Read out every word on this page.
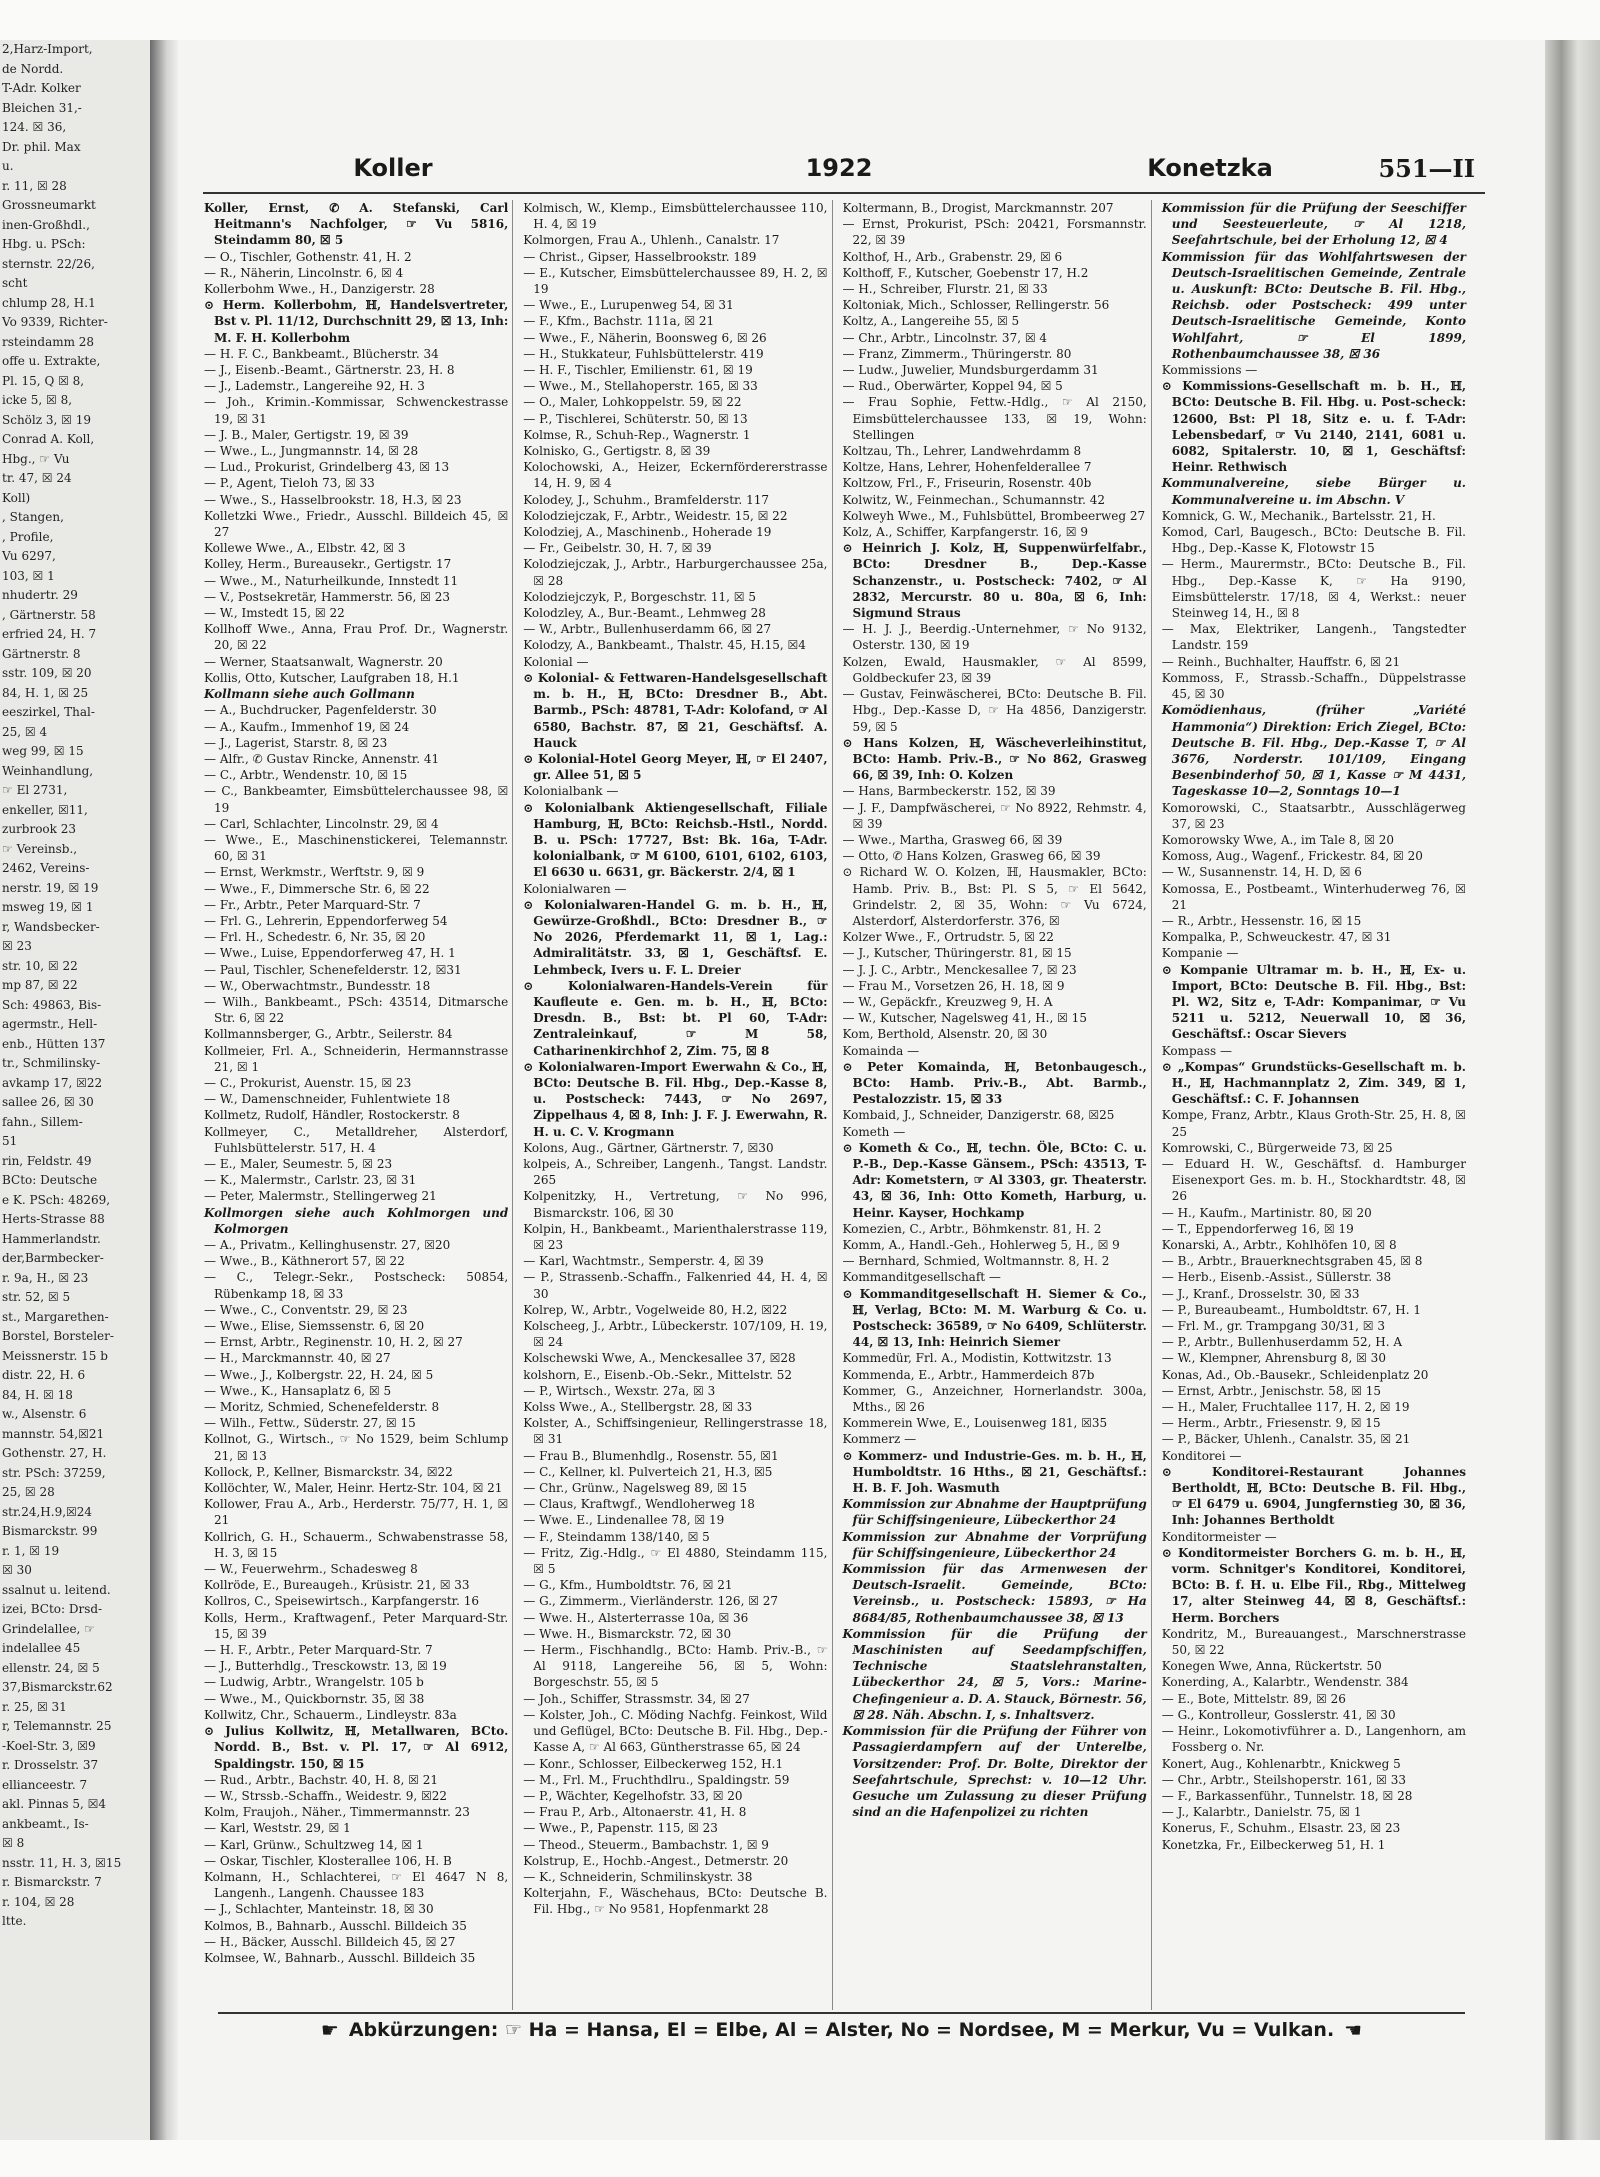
2,Harz-Import,
de Nordd.
T-Adr. Kolker
Bleichen 31,-
124. ☒ 36,
Dr. phil. Max
u.
r. 11, ☒ 28
Grossneumarkt
inen-Großhdl.,
Hbg. u. PSch:
sternstr. 22/26,
scht
chlump 28, H.1
Vo 9339, Richter-
rsteindamm 28
offe u. Extrakte,
Pl. 15, Q ☒ 8,
icke 5, ☒ 8,
Schölz 3, ☒ 19
Conrad A. Koll,
Hbg., ☞ Vu
tr. 47, ☒ 24
Koll)
, Stangen,
, Profile,
Vu 6297,
103, ☒ 1
nhudertr. 29
, Gärtnerstr. 58
erfried 24, H. 7
Gärtnerstr. 8
sstr. 109, ☒ 20
84, H. 1, ☒ 25
eeszirkel, Thal-
25, ☒ 4
weg 99, ☒ 15
Weinhandlung,
☞ El 2731,
enkeller, ☒11,
zurbrook 23
☞ Vereinsb.,
2462, Vereins-
nerstr. 19, ☒ 19
msweg 19, ☒ 1
r, Wandsbecker-
☒ 23
str. 10, ☒ 22
mp 87, ☒ 22
Sch: 49863, Bis-
agermstr., Hell-
enb., Hütten 137
tr., Schmilinsky-
avkamp 17, ☒22
sallee 26, ☒ 30
fahn., Sillem-
51
rin, Feldstr. 49
BCto: Deutsche
e K. PSch: 48269,
Herts-Strasse 88
Hammerlandstr.
der,Barmbecker-
r. 9a, H., ☒ 23
str. 52, ☒ 5
st., Margarethen-
Borstel, Borsteler-
Meissnerstr. 15 b
distr. 22, H. 6
84, H. ☒ 18
w., Alsenstr. 6
mannstr. 54,☒21
Gothenstr. 27, H.
str. PSch: 37259,
25, ☒ 28
str.24,H.9,☒24
Bismarckstr. 99
r. 1, ☒ 19
☒ 30
ssalnut u. leitend.
izei, BCto: Drsd-
Grindelallee, ☞
indelallee 45
ellenstr. 24, ☒ 5
37,Bismarckstr.62
r. 25, ☒ 31
r, Telemannstr. 25
-Koel-Str. 3, ☒9
r. Drosselstr. 37
ellianceestr. 7
akl. Pinnas 5, ☒4
ankbeamt., Is-
☒ 8
nsstr. 11, H. 3, ☒15
r. Bismarckstr. 7
r. 104, ☒ 28
ltte.
Koller	1922	Konetzka	551—II

Koller, Ernst, ✆ A. Stefanski, Carl Heitmann's Nachfolger, ☞ Vu 5816, Steindamm 80, ☒ 5

— O., Tischler, Gothenstr. 41, H. 2

— R., Näherin, Lincolnstr. 6, ☒ 4

Kollerbohm Wwe., H., Danzigerstr. 28

⊙ Herm. Kollerbohm, ℍ, Handelsvertreter, Bst v. Pl. 11/12, Durchschnitt 29, ☒ 13, Inh: M. F. H. Kollerbohm

— H. F. C., Bankbeamt., Blücherstr. 34

— J., Eisenb.-Beamt., Gärtnerstr. 23, H. 8

— J., Lademstr., Langereihe 92, H. 3

— Joh., Krimin.-Kommissar, Schwenckestrasse 19, ☒ 31

— J. B., Maler, Gertigstr. 19, ☒ 39

— Wwe., L., Jungmannstr. 14, ☒ 28

— Lud., Prokurist, Grindelberg 43, ☒ 13

— P., Agent, Tieloh 73, ☒ 33

— Wwe., S., Hasselbrookstr. 18, H.3, ☒ 23

Kolletzki Wwe., Friedr., Ausschl. Billdeich 45, ☒ 27

Kollewe Wwe., A., Elbstr. 42, ☒ 3

Kolley, Herm., Bureausekr., Gertigstr. 17

— Wwe., M., Naturheilkunde, Innstedt 11

— V., Postsekretär, Hammerstr. 56, ☒ 23

— W., Imstedt 15, ☒ 22

Kollhoff Wwe., Anna, Frau Prof. Dr., Wagnerstr. 20, ☒ 22

— Werner, Staatsanwalt, Wagnerstr. 20

Kollis, Otto, Kutscher, Laufgraben 18, H.1

Kollmann siehe auch Gollmann

— A., Buchdrucker, Pagenfelderstr. 30

— A., Kaufm., Immenhof 19, ☒ 24

— J., Lagerist, Starstr. 8, ☒ 23

— Alfr., ✆ Gustav Rincke, Annenstr. 41

— C., Arbtr., Wendenstr. 10, ☒ 15

— C., Bankbeamter, Eimsbüttelerchaussee 98, ☒ 19

— Carl, Schlachter, Lincolnstr. 29, ☒ 4

— Wwe., E., Maschinenstickerei, Telemannstr. 60, ☒ 31

— Ernst, Werkmstr., Werftstr. 9, ☒ 9

— Wwe., F., Dimmersche Str. 6, ☒ 22

— Fr., Arbtr., Peter Marquard-Str. 7

— Frl. G., Lehrerin, Eppendorferweg 54

— Frl. H., Schedestr. 6, Nr. 35, ☒ 20

— Wwe., Luise, Eppendorferweg 47, H. 1

— Paul, Tischler, Schenefelderstr. 12, ☒31

— W., Oberwachtmstr., Bundesstr. 18

— Wilh., Bankbeamt., PSch: 43514, Ditmarsche Str. 6, ☒ 22

Kollmannsberger, G., Arbtr., Seilerstr. 84

Kollmeier, Frl. A., Schneiderin, Hermannstrasse 21, ☒ 1

— C., Prokurist, Auenstr. 15, ☒ 23

— W., Damenschneider, Fuhlentwiete 18

Kollmetz, Rudolf, Händler, Rostockerstr. 8

Kollmeyer, C., Metalldreher, Alsterdorf, Fuhlsbüttelerstr. 517, H. 4

— E., Maler, Seumestr. 5, ☒ 23

— K., Malermstr., Carlstr. 23, ☒ 31

— Peter, Malermstr., Stellingerweg 21

Kollmorgen siehe auch Kohlmorgen und Kolmorgen

— A., Privatm., Kellinghusenstr. 27, ☒20

— Wwe., B., Käthnerort 57, ☒ 22

— C., Telegr.-Sekr., Postscheck: 50854, Rübenkamp 18, ☒ 33

— Wwe., C., Conventstr. 29, ☒ 23

— Wwe., Elise, Siemssenstr. 6, ☒ 20

— Ernst, Arbtr., Reginenstr. 10, H. 2, ☒ 27

— H., Marckmannstr. 40, ☒ 27

— Wwe., J., Kolbergstr. 22, H. 24, ☒ 5

— Wwe., K., Hansaplatz 6, ☒ 5

— Moritz, Schmied, Schenefelderstr. 8

— Wilh., Fettw., Süderstr. 27, ☒ 15

Kollnot, G., Wirtsch., ☞ No 1529, beim Schlump 21, ☒ 13

Kollock, P., Kellner, Bismarckstr. 34, ☒22

Kollöchter, W., Maler, Heinr. Hertz-Str. 104, ☒ 21

Kollower, Frau A., Arb., Herderstr. 75/77, H. 1, ☒ 21

Kollrich, G. H., Schauerm., Schwabenstrasse 58, H. 3, ☒ 15

— W., Feuerwehrm., Schadesweg 8

Kollröde, E., Bureaugeh., Krüsistr. 21, ☒ 33

Kollros, C., Speisewirtsch., Karpfangerstr. 16

Kolls, Herm., Kraftwagenf., Peter Marquard-Str. 15, ☒ 39

— H. F., Arbtr., Peter Marquard-Str. 7

— J., Butterhdlg., Tresckowstr. 13, ☒ 19

— Ludwig, Arbtr., Wrangelstr. 105 b

— Wwe., M., Quickbornstr. 35, ☒ 38

Kollwitz, Chr., Schauerm., Lindleystr. 83a

⊙ Julius Kollwitz, ℍ, Metallwaren, BCto. Nordd. B., Bst. v. Pl. 17, ☞ Al 6912, Spaldingstr. 150, ☒ 15

— Rud., Arbtr., Bachstr. 40, H. 8, ☒ 21

— W., Strssb.-Schaffn., Weidestr. 9, ☒22

Kolm, Fraujoh., Näher., Timmermannstr. 23

— Karl, Weststr. 29, ☒ 1

— Karl, Grünw., Schultzweg 14, ☒ 1

— Oskar, Tischler, Klosterallee 106, H. B

Kolmann, H., Schlachterei, ☞ El 4647 N 8, Langenh., Langenh. Chaussee 183

— J., Schlachter, Manteinstr. 18, ☒ 30

Kolmos, B., Bahnarb., Ausschl. Billdeich 35

— H., Bäcker, Ausschl. Billdeich 45, ☒ 27

Kolmsee, W., Bahnarb., Ausschl. Billdeich 35

Kolmisch, W., Klemp., Eimsbüttelerchaussee 110, H. 4, ☒ 19

Kolmorgen, Frau A., Uhlenh., Canalstr. 17

— Christ., Gipser, Hasselbrookstr. 189

— E., Kutscher, Eimsbüttelerchaussee 89, H. 2, ☒ 19

— Wwe., E., Lurupenweg 54, ☒ 31

— F., Kfm., Bachstr. 111a, ☒ 21

— Wwe., F., Näherin, Boonsweg 6, ☒ 26

— H., Stukkateur, Fuhlsbüttelerstr. 419

— H. F., Tischler, Emilienstr. 61, ☒ 19

— Wwe., M., Stellahoperstr. 165, ☒ 33

— O., Maler, Lohkoppelstr. 59, ☒ 22

— P., Tischlerei, Schüterstr. 50, ☒ 13

Kolmse, R., Schuh-Rep., Wagnerstr. 1

Kolnisko, G., Gertigstr. 8, ☒ 39

Kolochowski, A., Heizer, Eckernfördererstrasse 14, H. 9, ☒ 4

Kolodey, J., Schuhm., Bramfelderstr. 117

Kolodziejczak, F., Arbtr., Weidestr. 15, ☒ 22

Kolodziej, A., Maschinenb., Hoherade 19

— Fr., Geibelstr. 30, H. 7, ☒ 39

Kolodziejczak, J., Arbtr., Harburgerchaussee 25a, ☒ 28

Kolodziejczyk, P., Borgeschstr. 11, ☒ 5

Kolodzley, A., Bur.-Beamt., Lehmweg 28

— W., Arbtr., Bullenhuserdamm 66, ☒ 27

Kolodzy, A., Bankbeamt., Thalstr. 45, H.15, ☒4

Kolonial —

⊙ Kolonial- & Fettwaren-Handelsgesellschaft m. b. H., ℍ, BCto: Dresdner B., Abt. Barmb., PSch: 48781, T-Adr: Kolofand, ☞ Al 6580, Bachstr. 87, ☒ 21, Geschäftsf. A. Hauck

⊙ Kolonial-Hotel Georg Meyer, ℍ, ☞ El 2407, gr. Allee 51, ☒ 5

Kolonialbank —

⊙ Kolonialbank Aktiengesellschaft, Filiale Hamburg, ℍ, BCto: Reichsb.-Hstl., Nordd. B. u. PSch: 17727, Bst: Bk. 16a, T-Adr. kolonialbank, ☞ M 6100, 6101, 6102, 6103, El 6630 u. 6631, gr. Bäckerstr. 2/4, ☒ 1

Kolonialwaren —

⊙ Kolonialwaren-Handel G. m. b. H., ℍ, Gewürze-Großhdl., BCto: Dresdner B., ☞ No 2026, Pferdemarkt 11, ☒ 1, Lag.: Admiralitätstr. 33, ☒ 1, Geschäftsf. E. Lehmbeck, Ivers u. F. L. Dreier

⊙ Kolonialwaren-Handels-Verein für Kaufleute e. Gen. m. b. H., ℍ, BCto: Dresdn. B., Bst: bt. Pl 60, T-Adr: Zentraleinkauf, ☞ M 58, Catharinenkirchhof 2, Zim. 75, ☒ 8

⊙ Kolonialwaren-Import Ewerwahn & Co., ℍ, BCto: Deutsche B. Fil. Hbg., Dep.-Kasse 8, u. Postscheck: 7443, ☞ No 2697, Zippelhaus 4, ☒ 8, Inh: J. F. J. Ewerwahn, R. H. u. C. V. Krogmann

Kolons, Aug., Gärtner, Gärtnerstr. 7, ☒30

kolpeis, A., Schreiber, Langenh., Tangst. Landstr. 265

Kolpenitzky, H., Vertretung, ☞ No 996, Bismarckstr. 106, ☒ 30

Kolpin, H., Bankbeamt., Marienthalerstrasse 119, ☒ 23

— Karl, Wachtmstr., Semperstr. 4, ☒ 39

— P., Strassenb.-Schaffn., Falkenried 44, H. 4, ☒ 30

Kolrep, W., Arbtr., Vogelweide 80, H.2, ☒22

Kolscheeg, J., Arbtr., Lübeckerstr. 107/109, H. 19, ☒ 24

Kolschewski Wwe, A., Menckesallee 37, ☒28

kolshorn, E., Eisenb.-Ob.-Sekr., Mittelstr. 52

— P., Wirtsch., Wexstr. 27a, ☒ 3

Kolss Wwe., A., Stellbergstr. 28, ☒ 33

Kolster, A., Schiffsingenieur, Rellingerstrasse 18, ☒ 31

— Frau B., Blumenhdlg., Rosenstr. 55, ☒1

— C., Kellner, kl. Pulverteich 21, H.3, ☒5

— Chr., Grünw., Nagelsweg 89, ☒ 15

— Claus, Kraftwgf., Wendloherweg 18

— Wwe. E., Lindenallee 78, ☒ 19

— F., Steindamm 138/140, ☒ 5

— Fritz, Zig.-Hdlg., ☞ El 4880, Steindamm 115, ☒ 5

— G., Kfm., Humboldtstr. 76, ☒ 21

— G., Zimmerm., Vierländerstr. 126, ☒ 27

— Wwe. H., Alsterterrasse 10a, ☒ 36

— Wwe. H., Bismarckstr. 72, ☒ 30

— Herm., Fischhandlg., BCto: Hamb. Priv.-B., ☞ Al 9118, Langereihe 56, ☒ 5, Wohn: Borgeschstr. 55, ☒ 5

— Joh., Schiffer, Strassmstr. 34, ☒ 27

— Kolster, Joh., C. Möding Nachfg. Feinkost, Wild und Geflügel, BCto: Deutsche B. Fil. Hbg., Dep.-Kasse A, ☞ Al 663, Güntherstrasse 65, ☒ 24

— Konr., Schlosser, Eilbeckerweg 152, H.1

— M., Frl. M., Fruchthdlru., Spaldingstr. 59

— P., Wächter, Kegelhofstr. 33, ☒ 20

— Frau P., Arb., Altonaerstr. 41, H. 8

— Wwe., P., Papenstr. 115, ☒ 23

— Theod., Steuerm., Bambachstr. 1, ☒ 9

Kolstrup, E., Hochb.-Angest., Detmerstr. 20

— K., Schneiderin, Schmilinskystr. 38

Kolterjahn, F., Wäschehaus, BCto: Deutsche B. Fil. Hbg., ☞ No 9581, Hopfenmarkt 28

Koltermann, B., Drogist, Marckmannstr. 207

— Ernst, Prokurist, PSch: 20421, Forsmannstr. 22, ☒ 39

Kolthof, H., Arb., Grabenstr. 29, ☒ 6

Kolthoff, F., Kutscher, Goebenstr 17, H.2

— H., Schreiber, Flurstr. 21, ☒ 33

Koltoniak, Mich., Schlosser, Rellingerstr. 56

Koltz, A., Langereihe 55, ☒ 5

— Chr., Arbtr., Lincolnstr. 37, ☒ 4

— Franz, Zimmerm., Thüringerstr. 80

— Ludw., Juwelier, Mundsburgerdamm 31

— Rud., Oberwärter, Koppel 94, ☒ 5

— Frau Sophie, Fettw.-Hdlg., ☞ Al 2150, Eimsbüttelerchaussee 133, ☒ 19, Wohn: Stellingen

Koltzau, Th., Lehrer, Landwehrdamm 8

Koltze, Hans, Lehrer, Hohenfelderallee 7

Koltzow, Frl., F., Friseurin, Rosenstr. 40b

Kolwitz, W., Feinmechan., Schumannstr. 42

Kolweyh Wwe., M., Fuhlsbüttel, Brombeerweg 27

Kolz, A., Schiffer, Karpfangerstr. 16, ☒ 9

⊙ Heinrich J. Kolz, ℍ, Suppenwürfelfabr., BCto: Dresdner B., Dep.-Kasse Schanzenstr., u. Postscheck: 7402, ☞ Al 2832, Mercurstr. 80 u. 80a, ☒ 6, Inh: Sigmund Straus

— H. J. J., Beerdig.-Unternehmer, ☞ No 9132, Osterstr. 130, ☒ 19

Kolzen, Ewald, Hausmakler, ☞ Al 8599, Goldbeckufer 23, ☒ 39

— Gustav, Feinwäscherei, BCto: Deutsche B. Fil. Hbg., Dep.-Kasse D, ☞ Ha 4856, Danzigerstr. 59, ☒ 5

⊙ Hans Kolzen, ℍ, Wäscheverleihinstitut, BCto: Hamb. Priv.-B., ☞ No 862, Grasweg 66, ☒ 39, Inh: O. Kolzen

— Hans, Barmbeckerstr. 152, ☒ 39

— J. F., Dampfwäscherei, ☞ No 8922, Rehmstr. 4, ☒ 39

— Wwe., Martha, Grasweg 66, ☒ 39

— Otto, ✆ Hans Kolzen, Grasweg 66, ☒ 39

⊙ Richard W. O. Kolzen, ℍ, Hausmakler, BCto: Hamb. Priv. B., Bst: Pl. S 5, ☞ El 5642, Grindelstr. 2, ☒ 35, Wohn: ☞ Vu 6724, Alsterdorf, Alsterdorferstr. 376, ☒

Kolzer Wwe., F., Ortrudstr. 5, ☒ 22

— J., Kutscher, Thüringerstr. 81, ☒ 15

— J. J. C., Arbtr., Menckesallee 7, ☒ 23

— Frau M., Vorsetzen 26, H. 18, ☒ 9

— W., Gepäckfr., Kreuzweg 9, H. A

— W., Kutscher, Nagelsweg 41, H., ☒ 15

Kom, Berthold, Alsenstr. 20, ☒ 30

Komainda —

⊙ Peter Komainda, ℍ, Betonbaugesch., BCto: Hamb. Priv.-B., Abt. Barmb., Pestalozzistr. 15, ☒ 33

Kombaid, J., Schneider, Danzigerstr. 68, ☒25

Kometh —

⊙ Kometh & Co., ℍ, techn. Öle, BCto: C. u. P.-B., Dep.-Kasse Gänsem., PSch: 43513, T-Adr: Kometstern, ☞ Al 3303, gr. Theaterstr. 43, ☒ 36, Inh: Otto Kometh, Harburg, u. Heinr. Kayser, Hochkamp

Komezien, C., Arbtr., Böhmkenstr. 81, H. 2

Komm, A., Handl.-Geh., Hohlerweg 5, H., ☒ 9

— Bernhard, Schmied, Woltmannstr. 8, H. 2

Kommanditgesellschaft —

⊙ Kommanditgesellschaft H. Siemer & Co., ℍ, Verlag, BCto: M. M. Warburg & Co. u. Postscheck: 36589, ☞ No 6409, Schlüterstr. 44, ☒ 13, Inh: Heinrich Siemer

Kommedür, Frl. A., Modistin, Kottwitzstr. 13

Kommenda, E., Arbtr., Hammerdeich 87b

Kommer, G., Anzeichner, Hornerlandstr. 300a, Mths., ☒ 26

Kommerein Wwe, E., Louisenweg 181, ☒35

Kommerz —

⊙ Kommerz- und Industrie-Ges. m. b. H., ℍ, Humboldtstr. 16 Hths., ☒ 21, Geschäftsf.: H. B. F. Joh. Wasmuth

Kommission zur Abnahme der Hauptprüfung für Schiffsingenieure, Lübeckerthor 24

Kommission zur Abnahme der Vorprüfung für Schiffsingenieure, Lübeckerthor 24

Kommission für das Armenwesen der Deutsch-Israelit. Gemeinde, BCto: Vereinsb., u. Postscheck: 15893, ☞ Ha 8684/85, Rothenbaumchaussee 38, ☒ 13

Kommission für die Prüfung der Maschinisten auf Seedampfschiffen, Technische Staatslehranstalten, Lübeckerthor 24, ☒ 5, Vors.: Marine-Chefingenieur a. D. A. Stauck, Börnestr. 56, ☒ 28. Näh. Abschn. I, s. Inhaltsverz.

Kommission für die Prüfung der Führer von Passagierdampfern auf der Unterelbe, Vorsitzender: Prof. Dr. Bolte, Direktor der Seefahrtschule, Sprechst: v. 10—12 Uhr. Gesuche um Zulassung zu dieser Prüfung sind an die Hafenpolizei zu richten

Kommission für die Prüfung der Seeschiffer und Seesteuerleute, ☞ Al 1218, Seefahrtschule, bei der Erholung 12, ☒ 4

Kommission für das Wohlfahrtswesen der Deutsch-Israelitischen Gemeinde, Zentrale u. Auskunft: BCto: Deutsche B. Fil. Hbg., Reichsb. oder Postscheck: 499 unter Deutsch-Israelitische Gemeinde, Konto Wohlfahrt, ☞ El 1899, Rothenbaumchaussee 38, ☒ 36

Kommissions —

⊙ Kommissions-Gesellschaft m. b. H., ℍ, BCto: Deutsche B. Fil. Hbg. u. Post-scheck: 12600, Bst: Pl 18, Sitz e. u. f. T-Adr: Lebensbedarf, ☞ Vu 2140, 2141, 6081 u. 6082, Spitalerstr. 10, ☒ 1, Geschäftsf: Heinr. Rethwisch

Kommunalvereine, siebe Bürger u. Kommunalvereine u. im Abschn. V

Komnick, G. W., Mechanik., Bartelsstr. 21, H.

Komod, Carl, Baugesch., BCto: Deutsche B. Fil. Hbg., Dep.-Kasse K, Flotowstr 15

— Herm., Maurermstr., BCto: Deutsche B., Fil. Hbg., Dep.-Kasse K, ☞ Ha 9190, Eimsbüttelerstr. 17/18, ☒ 4, Werkst.: neuer Steinweg 14, H., ☒ 8

— Max, Elektriker, Langenh., Tangstedter Landstr. 159

— Reinh., Buchhalter, Hauffstr. 6, ☒ 21

Kommoss, F., Strassb.-Schaffn., Düppelstrasse 45, ☒ 30

Komödienhaus, (früher „Variété Hammonia“) Direktion: Erich Ziegel, BCto: Deutsche B. Fil. Hbg., Dep.-Kasse T, ☞ Al 3676, Norderstr. 101/109, Eingang Besenbinderhof 50, ☒ 1, Kasse ☞ M 4431, Tageskasse 10—2, Sonntags 10—1

Komorowski, C., Staatsarbtr., Ausschlägerweg 37, ☒ 23

Komorowsky Wwe, A., im Tale 8, ☒ 20

Komoss, Aug., Wagenf., Frickestr. 84, ☒ 20

— W., Susannenstr. 14, H. D, ☒ 6

Komossa, E., Postbeamt., Winterhuderweg 76, ☒ 21

— R., Arbtr., Hessenstr. 16, ☒ 15

Kompalka, P., Schweuckestr. 47, ☒ 31

Kompanie —

⊙ Kompanie Ultramar m. b. H., ℍ, Ex- u. Import, BCto: Deutsche B. Fil. Hbg., Bst: Pl. W2, Sitz e, T-Adr: Kompanimar, ☞ Vu 5211 u. 5212, Neuerwall 10, ☒ 36, Geschäftsf.: Oscar Sievers

Kompass —

⊙ „Kompas“ Grundstücks-Gesellschaft m. b. H., ℍ, Hachmannplatz 2, Zim. 349, ☒ 1, Geschäftsf.: C. F. Johannsen

Kompe, Franz, Arbtr., Klaus Groth-Str. 25, H. 8, ☒ 25

Komrowski, C., Bürgerweide 73, ☒ 25

— Eduard H. W., Geschäftsf. d. Hamburger Eisenexport Ges. m. b. H., Stockhardtstr. 48, ☒ 26

— H., Kaufm., Martinistr. 80, ☒ 20

— T., Eppendorferweg 16, ☒ 19

Konarski, A., Arbtr., Kohlhöfen 10, ☒ 8

— B., Arbtr., Brauerknechtsgraben 45, ☒ 8

— Herb., Eisenb.-Assist., Süllerstr. 38

— J., Kranf., Drosselstr. 30, ☒ 33

— P., Bureaubeamt., Humboldtstr. 67, H. 1

— Frl. M., gr. Trampgang 30/31, ☒ 3

— P., Arbtr., Bullenhuserdamm 52, H. A

— W., Klempner, Ahrensburg 8, ☒ 30

Konas, Ad., Ob.-Bausekr., Schleidenplatz 20

— Ernst, Arbtr., Jenischstr. 58, ☒ 15

— H., Maler, Fruchtallee 117, H. 2, ☒ 19

— Herm., Arbtr., Friesenstr. 9, ☒ 15

— P., Bäcker, Uhlenh., Canalstr. 35, ☒ 21

Konditorei —

⊙ Konditorei-Restaurant Johannes Bertholdt, ℍ, BCto: Deutsche B. Fil. Hbg., ☞ El 6479 u. 6904, Jungfernstieg 30, ☒ 36, Inh: Johannes Bertholdt

Konditormeister —

⊙ Konditormeister Borchers G. m. b. H., ℍ, vorm. Schnitger's Konditorei, Konditorei, BCto: B. f. H. u. Elbe Fil., Rbg., Mittelweg 17, alter Steinweg 44, ☒ 8, Geschäftsf.: Herm. Borchers

Kondritz, M., Bureauangest., Marschnerstrasse 50, ☒ 22

Konegen Wwe, Anna, Rückertstr. 50

Konerding, A., Kalarbtr., Wendenstr. 384

— E., Bote, Mittelstr. 89, ☒ 26

— G., Kontrolleur, Gosslerstr. 41, ☒ 30

— Heinr., Lokomotivführer a. D., Langenhorn, am Fossberg o. Nr.

Konert, Aug., Kohlenarbtr., Knickweg 5

— Chr., Arbtr., Steilshoperstr. 161, ☒ 33

— F., Barkassenführ., Tunnelstr. 18, ☒ 28

— J., Kalarbtr., Danielstr. 75, ☒ 1

Konerus, F., Schuhm., Elsastr. 23, ☒ 23

Konetzka, Fr., Eilbeckerweg 51, H. 1

☛ Abkürzungen: ☞ Ha = Hansa, El = Elbe, Al = Alster, No = Nordsee, M = Merkur, Vu = Vulkan. ☚
